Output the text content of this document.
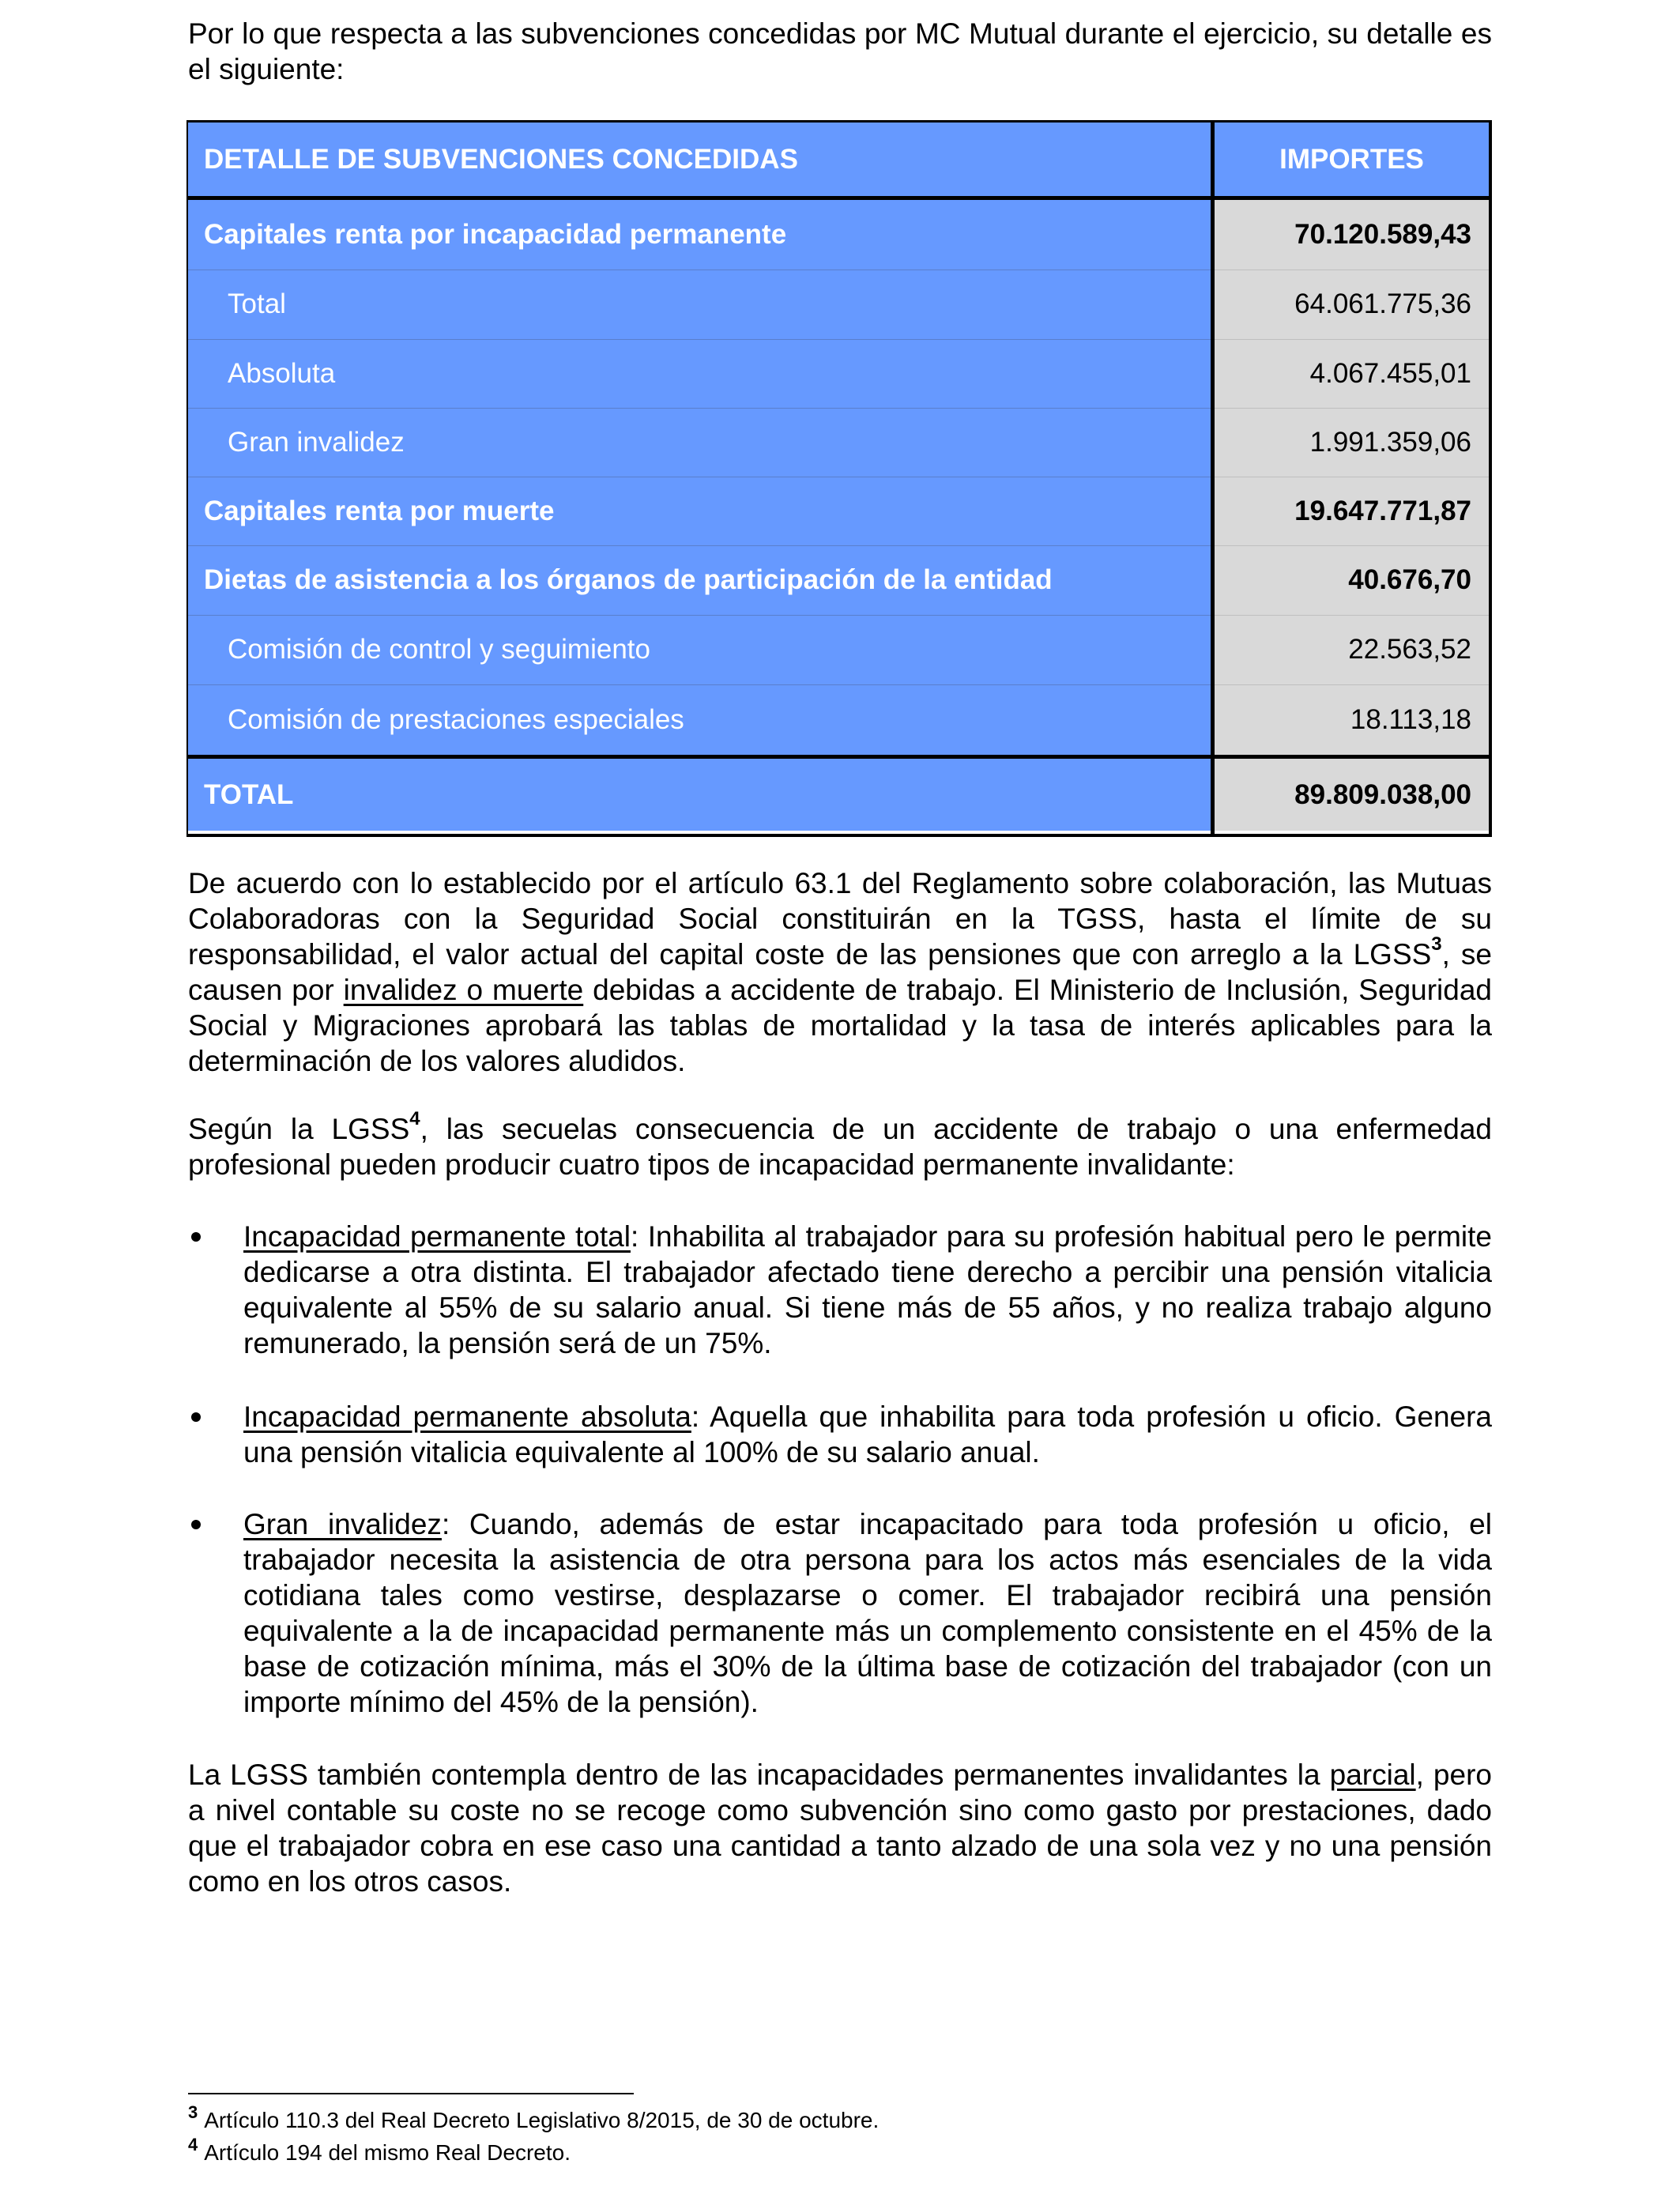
Por lo que respecta a las subvenciones concedidas por MC Mutual durante el ejercicio, su detalle es el siguiente:
DETALLE DE SUBVENCIONES CONCEDIDAS
Capitales renta por incapacidad permanente
Total
Absoluta
Gran invalidez
Capitales renta por muerte
Dietas de asistencia a los órganos de participación de la entidad
Comisión de control y seguimiento
Comisión de prestaciones especiales
TOTAL
IMPORTES
70.120.589,43
64.061.775,36
4.067.455,01
1.991.359,06
19.647.771,87
40.676,70
22.563,52
18.113,18
89.809.038,00
De acuerdo con lo establecido por el artículo 63.1 del Reglamento sobre colaboración, las Mutuas Colaboradoras con la Seguridad Social constituirán en la TGSS, hasta el límite de su responsabilidad, el valor actual del capital coste de las pensiones que con arreglo a la LGSS$^3$, se causen por invalidez o muerte debidas a accidente de trabajo. El Ministerio de Inclusión, Seguridad Social y Migraciones aprobará las tablas de mortalidad y la tasa de interés aplicables para la determinación de los valores aludidos.
Según la LGSS$^4$, las secuelas consecuencia de un accidente de trabajo o una enfermedad profesional pueden producir cuatro tipos de incapacidad permanente invalidante:
Incapacidad permanente total: Inhabilita al trabajador para su profesión habitual pero le permite dedicarse a otra distinta. El trabajador afectado tiene derecho a percibir una pensión vitalicia equivalente al 55% de su salario anual. Si tiene más de 55 años, y no realiza trabajo alguno remunerado, la pensión será de un 75%.
Incapacidad permanente absoluta: Aquella que inhabilita para toda profesión u oficio. Genera una pensión vitalicia equivalente al 100% de su salario anual.
Gran invalidez: Cuando, además de estar incapacitado para toda profesión u oficio, el trabajador necesita la asistencia de otra persona para los actos más esenciales de la vida cotidiana tales como vestirse, desplazarse o comer. El trabajador recibirá una pensión equivalente a la de incapacidad permanente más un complemento consistente en el 45% de la base de cotización mínima, más el 30% de la última base de cotización del trabajador (con un importe mínimo del 45% de la pensión).
La LGSS también contempla dentro de las incapacidades permanentes invalidantes la parcial, pero a nivel contable su coste no se recoge como subvención sino como gasto por prestaciones, dado que el trabajador cobra en ese caso una cantidad a tanto alzado de una sola vez y no una pensión como en los otros casos.
$^3$ Artículo 110.3 del Real Decreto Legislativo 8/2015, de 30 de octubre.
$^4$ Artículo 194 del mismo Real Decreto.
